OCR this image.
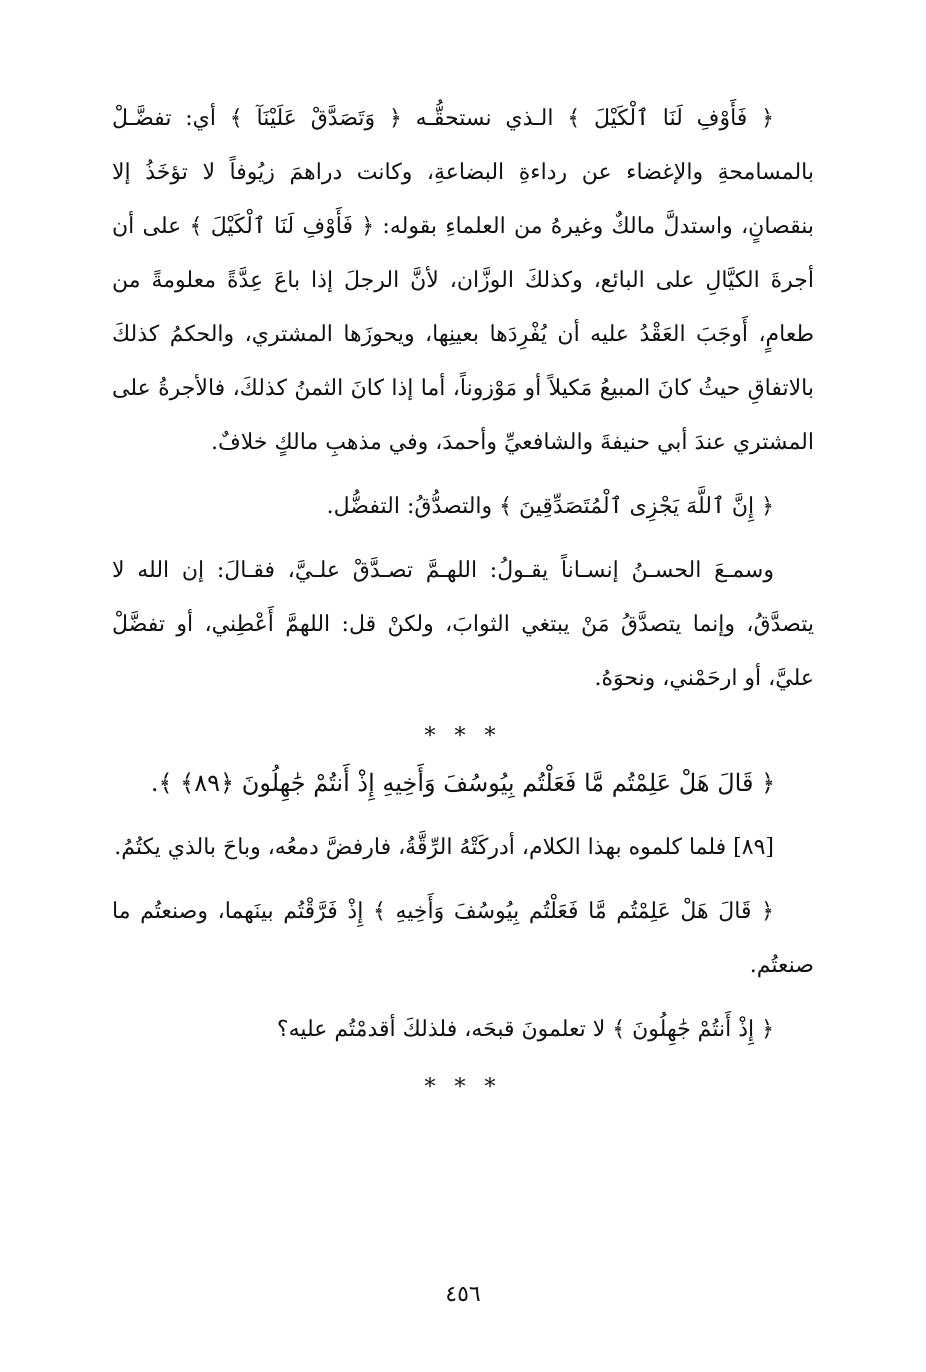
﴿ فَأَوْفِ لَنَا ٱلْكَيْلَ ﴾ الـذي نستحقُّـه ﴿ وَتَصَدَّقْ عَلَيْنَآ ﴾ أي: تفضَّـلْ بالمسامحةِ والإغضاء عن رداءةِ البضاعةِ، وكانت دراهمَ زيُوفاً لا تؤخَذُ إلا بنقصانٍ، واستدلَّ مالكٌ وغيرهُ من العلماءِ بقوله: ﴿ فَأَوْفِ لَنَا ٱلْكَيْلَ ﴾ على أن أجرةَ الكيَّالِ على البائع، وكذلكَ الوزَّان، لأنَّ الرجلَ إذا باعَ عِدَّةً معلومةً من طعامٍ، أَوجَبَ العَقْدُ عليه أن يُفْرِدَها بعينِها، ويحوزَها المشتري، والحكمُ كذلكَ بالاتفاقِ حيثُ كانَ المبيعُ مَكيلاً أو مَوْزوناً، أما إذا كانَ الثمنُ كذلكَ، فالأجرةُ على المشتري عندَ أبي حنيفةَ والشافعيِّ وأحمدَ، وفي مذهبِ مالكٍ خلافٌ.

﴿ إِنَّ ٱللَّهَ يَجْزِى ٱلْمُتَصَدِّقِينَ ﴾ والتصدُّقُ: التفضُّل.

وسمـعَ الحسـنُ إنسـاناً يقـولُ: اللهـمَّ تصـدَّقْ علـيَّ، فقـالَ: إن الله لا يتصدَّقُ، وإنما يتصدَّقُ مَنْ يبتغي الثوابَ، ولكنْ قل: اللهمَّ أَعْطِني، أو تفضَّلْ عليَّ، أو ارحَمْني، ونحوَهُ.

* * *

﴿ قَالَ هَلْ عَلِمْتُم مَّا فَعَلْتُم بِيُوسُفَ وَأَخِيهِ إِذْ أَنتُمْ جَٰهِلُونَ ﴿٨٩﴾ ﴾.

[٨٩] فلما كلموه بهذا الكلام، أدركَتْهُ الرِّقَّةُ، فارفضَّ دمعُه، وباحَ بالذي يكتُمُ.

﴿ قَالَ هَلْ عَلِمْتُم مَّا فَعَلْتُم بِيُوسُفَ وَأَخِيهِ ﴾ إِذْ فَرَّقْتُم بينَهما، وصنعتُم ما صنعتُم.

﴿ إِذْ أَنتُمْ جَٰهِلُونَ ﴾ لا تعلمونَ قبحَه، فلذلكَ أقدمْتُم عليه؟

* * *
٤٥٦
